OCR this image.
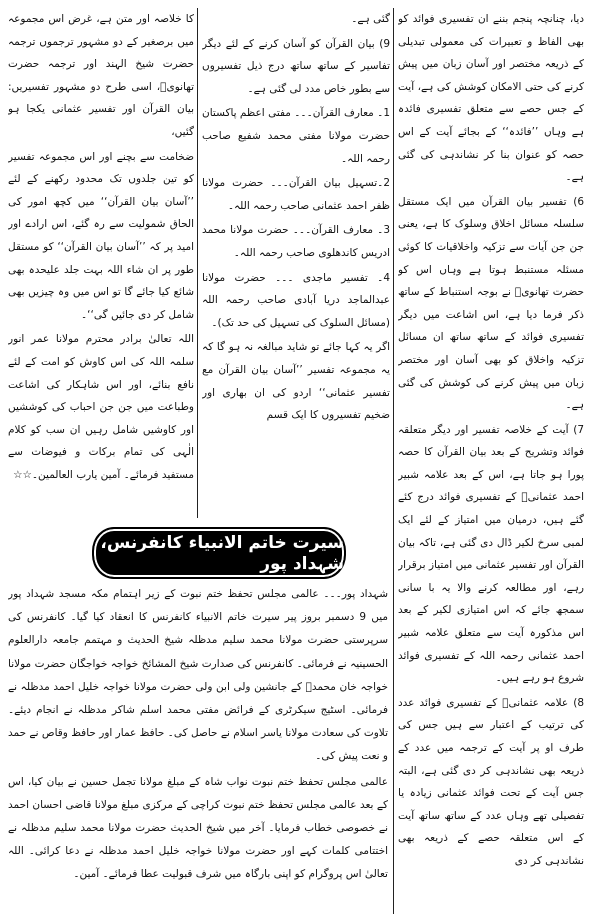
دیا، چنانچہ پنجم بننے ان تفسیری فوائد کو بھی الفاظ و تعبیرات کی معمولی تبدیلی کے ذریعہ مختصر اور آسان زبان میں پیش کرنے کی حتی الامکان کوشش کی ہے، آیت کے جس حصے سے متعلق تفسیری فائدہ ہے وہاں ’’فائدہ‘‘ کے بجائے آیت کے اس حصہ کو عنوان بنا کر نشاندہی کی گئی ہے۔

6) تفسیر بیان القرآن میں ایک مستقل سلسلہ مسائل اخلاق وسلوک کا ہے، یعنی جن جن آیات سے تزکیہ واخلاقیات کا کوئی مسئلہ مستنبط ہوتا ہے وہاں اس کو حضرت تھانویؒ نے بوجہ استنباط کے ساتھ ذکر فرما دیا ہے، اس اشاعت میں دیگر تفسیری فوائد کے ساتھ ساتھ ان مسائل تزکیہ واخلاق کو بھی آسان اور مختصر زبان میں پیش کرنے کی کوشش کی گئی ہے۔

7) آیت کے خلاصہ تفسیر اور دیگر متعلقہ فوائد وتشریح کے بعد بیان القرآن کا حصہ پورا ہو جاتا ہے، اس کے بعد علامہ شبیر احمد عثمانیؒ کے تفسیری فوائد درج کئے گئے ہیں، درمیان میں امتیاز کے لئے ایک لمبی سرخ لکیر ڈال دی گئی ہے، تاکہ بیان القرآن اور تفسیر عثمانی میں امتیاز برقرار رہے، اور مطالعہ کرنے والا یہ با سانی سمجھ جائے کہ اس امتیازی لکیر کے بعد اس مذکورہ آیت سے متعلق علامہ شبیر احمد عثمانی رحمہ اللہ کے تفسیری فوائد شروع ہو رہے ہیں۔

8) علامہ عثمانیؒ کے تفسیری فوائد عدد کی ترتیب کے اعتبار سے ہیں جس کی طرف او پر آیت کے ترجمہ میں عدد کے ذریعہ بھی نشاندہی کر دی گئی ہے، البتہ جس آیت کے تحت فوائد عثمانی زیادہ یا تفصیلی تھے وہاں عدد کے ساتھ ساتھ آیت کے اس متعلقہ حصے کے ذریعہ بھی نشاندہی کر دی

گئی ہے۔

9) بیان القرآن کو آسان کرنے کے لئے دیگر تفاسیر کے ساتھ ساتھ درج ذیل تفسیروں سے بطور خاص مدد لی گئی ہے۔

1۔ معارف القرآن۔۔۔ مفتی اعظم پاکستان حضرت مولانا مفتی محمد شفیع صاحب رحمہ اللہ۔

2۔تسہیل بیان القرآن۔۔۔ حضرت مولانا ظفر احمد عثمانی صاحب رحمہ اللہ۔

3۔ معارف القرآن۔۔۔ حضرت مولانا محمد ادریس کاندھلوی صاحب رحمہ اللہ۔

4۔ تفسیر ماجدی ۔۔۔ حضرت مولانا عبدالماجد دریا آبادی صاحب رحمہ اللہ (مسائل السلوک کی تسہیل کی حد تک)۔

اگر یہ کہا جائے تو شاید مبالغہ نہ ہو گا کہ یہ مجموعہ تفسیر ’’آسان بیان القرآن مع تفسیر عثمانی‘‘ اردو کی ان بھاری اور ضخیم تفسیروں کا ایک قسم

کا خلاصہ اور متن ہے، غرض اس مجموعہ میں برصغیر کے دو مشہور ترجموں ترجمہ حضرت شیخ الہند اور ترجمہ حضرت تھانویؒ، اسی طرح دو مشہور تفسیریں: بیان القرآن اور تفسیر عثمانی یکجا ہو گئیں،

ضخامت سے بچنے اور اس مجموعہ تفسیر کو تین جلدوں تک محدود رکھنے کے لئے ’’آسان بیان القرآن‘‘ میں کچھ امور کی الحاق شمولیت سے رہ گئے، اس ارادے اور امید پر کہ ’’آسان بیان القرآن‘‘ کو مستقل طور پر ان شاء اللہ بہت جلد علیحدہ بھی شائع کیا جائے گا تو اس میں وہ چیزیں بھی شامل کر دی جائیں گی‘‘۔

اللہ تعالیٰ برادر محترم مولانا عمر انور سلمہ اللہ کی اس کاوش کو امت کے لئے نافع بنائے، اور اس شاہکار کی اشاعت وطباعت میں جن جن احباب کی کوششیں اور کاوشیں شامل رہیں ان سب کو کلام الٰہی کی تمام برکات و فیوضات سے مستفید فرمائے۔ آمین یارب العالمین۔☆☆

سیرت خاتم الانبیاء کانفرنس، شہداد پور

شہداد پور۔۔۔ عالمی مجلس تحفظ ختم نبوت کے زیر اہتمام مکہ مسجد شہداد پور میں 9 دسمبر بروز پیر سیرت خاتم الانبیاء کانفرنس کا انعقاد کیا گیا۔ کانفرنس کی سرپرستی حضرت مولانا محمد سلیم مدظلہ شیخ الحدیث و مہتمم جامعہ دارالعلوم الحسینیہ نے فرمائی۔ کانفرنس کی صدارت شیخ المشائخ خواجہ خواجگان حضرت مولانا خواجہ خان محمدؒ کے جانشین ولی ابن ولی حضرت مولانا خواجہ خلیل احمد مدظلہ نے فرمائی۔ اسٹیج سیکرٹری کے فرائض مفتی محمد اسلم شاکر مدظلہ نے انجام دیئے۔ تلاوت کی سعادت مولانا یاسر اسلام نے حاصل کی۔ حافظ عمار اور حافظ وقاص نے حمد و نعت پیش کی۔

عالمی مجلس تحفظ ختم نبوت نواب شاہ کے مبلغ مولانا تجمل حسین نے بیان کیا، اس کے بعد عالمی مجلس تحفظ ختم نبوت کراچی کے مرکزی مبلغ مولانا قاضی احسان احمد نے خصوصی خطاب فرمایا۔ آخر میں شیخ الحدیث حضرت مولانا محمد سلیم مدظلہ نے اختتامی کلمات کہے اور حضرت مولانا خواجہ خلیل احمد مدظلہ نے دعا کرائی۔ اللہ تعالیٰ اس پروگرام کو اپنی بارگاہ میں شرف قبولیت عطا فرمائے۔ آمین۔
